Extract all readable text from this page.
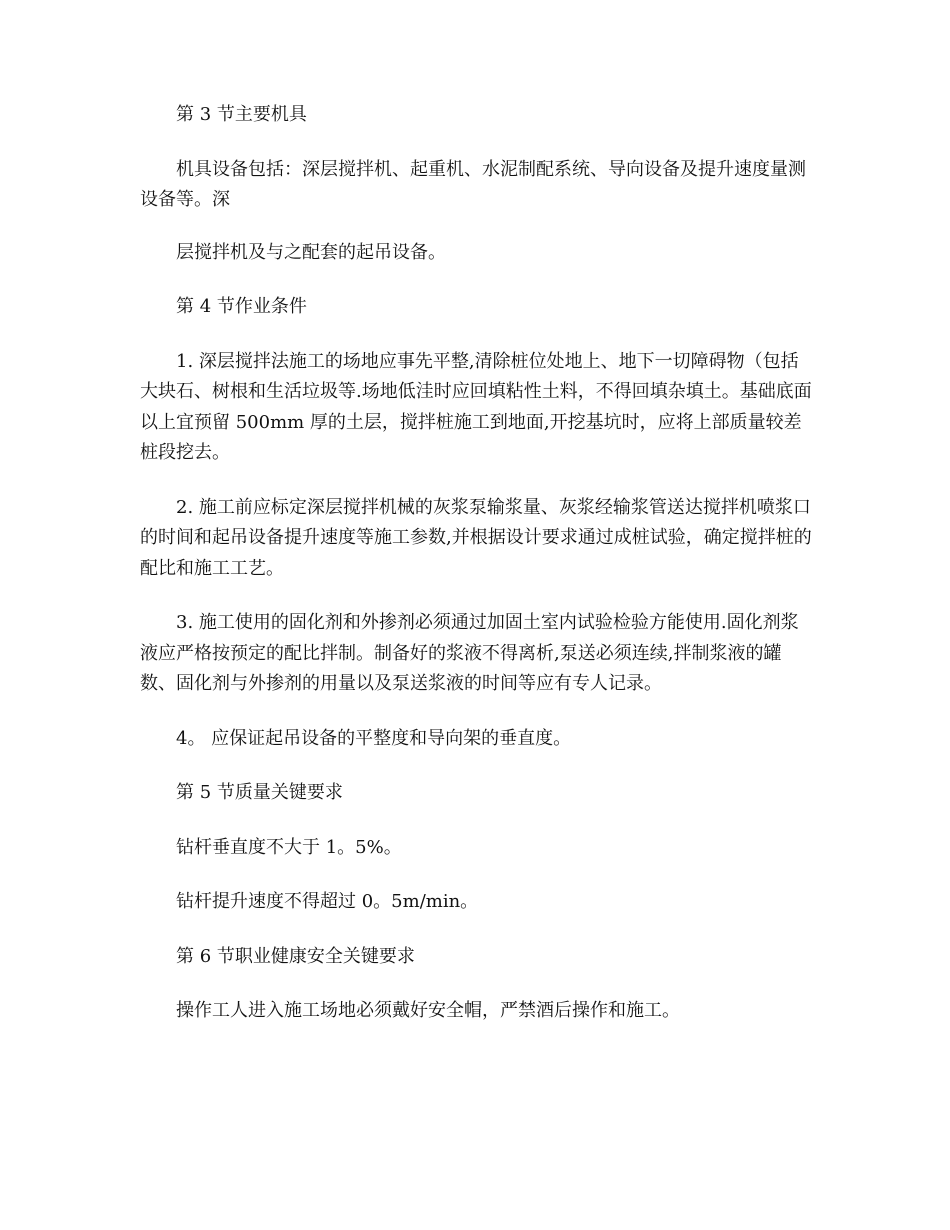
第 3 节主要机具

机具设备包括：深层搅拌机、起重机、水泥制配系统、导向设备及提升速度量测设备等。深

层搅拌机及与之配套的起吊设备。

第 4 节作业条件

1. 深层搅拌法施工的场地应事先平整,清除桩位处地上、地下一切障碍物（包括大块石、树根和生活垃圾等.场地低洼时应回填粘性土料，不得回填杂填土。基础底面以上宜预留 500mm 厚的土层，搅拌桩施工到地面,开挖基坑时，应将上部质量较差桩段挖去。

2. 施工前应标定深层搅拌机械的灰浆泵输浆量、灰浆经输浆管送达搅拌机喷浆口的时间和起吊设备提升速度等施工参数,并根据设计要求通过成桩试验，确定搅拌桩的配比和施工工艺。

3. 施工使用的固化剂和外掺剂必须通过加固土室内试验检验方能使用.固化剂浆液应严格按预定的配比拌制。制备好的浆液不得离析,泵送必须连续,拌制浆液的罐数、固化剂与外掺剂的用量以及泵送浆液的时间等应有专人记录。

4。 应保证起吊设备的平整度和导向架的垂直度。

第 5 节质量关键要求

钻杆垂直度不大于 1。5%。

钻杆提升速度不得超过 0。5m/min。

第 6 节职业健康安全关键要求

操作工人进入施工场地必须戴好安全帽，严禁酒后操作和施工。
